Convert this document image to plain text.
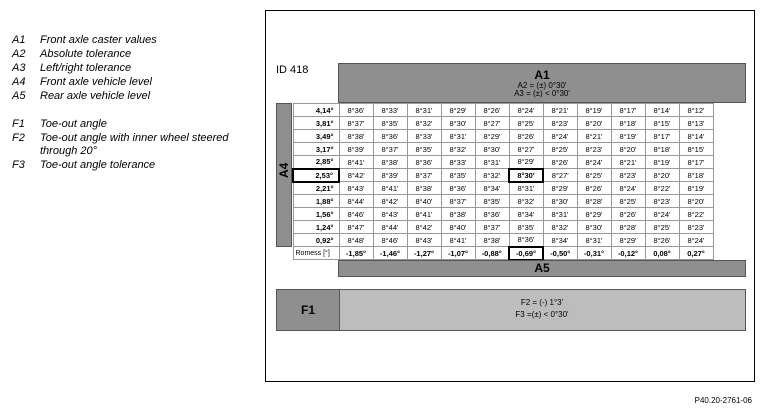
A1	Front axle caster values
A2	Absolute tolerance
A3	Left/right tolerance
A4	Front axle vehicle level
A5	Rear axle vehicle level
F1	Toe-out angle
F2	Toe-out angle with inner wheel steered through 20°
F3	Toe-out angle tolerance
ID 418	A1
A2 = (±) 0°30'
A3 = (±) < 0°30'
A4
4,14°	8°36'	8°33'	8°31'	8°29'	8°26'	8°24'	8°21'	8°19'	8°17'	8°14'	8°12'
3,81°	8°37'	8°35'	8°32'	8°30'	8°27'	8°25'	8°23'	8°20'	8°18'	8°15'	8°13'
3,49°	8°38'	8°36'	8°33'	8°31'	8°29'	8°26'	8°24'	8°21'	8°19'	8°17'	8°14'
3,17°	8°39'	8°37'	8°35'	8°32'	8°30'	8°27'	8°25'	8°23'	8°20'	8°18'	8°15'
2,85°	8°41'	8°38'	8°36'	8°33'	8°31'	8°29'	8°26'	8°24'	8°21'	8°19'	8°17'
2,53°	8°42'	8°39'	8°37'	8°35'	8°32'	8°30'	8°27'	8°25'	8°23'	8°20'	8°18'
2,21°	8°43'	8°41'	8°38'	8°36'	8°34'	8°31'	8°29'	8°26'	8°24'	8°22'	8°19'
1,88°	8°44'	8°42'	8°40'	8°37'	8°35'	8°32'	8°30'	8°28'	8°25'	8°23'	8°20'
1,56°	8°46'	8°43'	8°41'	8°38'	8°36'	8°34'	8°31'	8°29'	8°26'	8°24'	8°22'
1,24°	8°47'	8°44'	8°42'	8°40'	8°37'	8°35'	8°32'	8°30'	8°28'	8°25'	8°23'
0,92°	8°48'	8°46'	8°43'	8°41'	8°38'	8°36'	8°34'	8°31'	8°29'	8°26'	8°24'
Romess [°]	-1,85°	-1,46°	-1,27°	-1,07°	-0,88°	-0,69°	-0,50°	-0,31°	-0,12°	0,08°	0,27°
A5
F1
F2 = (-) 1°3'
F3 =(±) < 0°30'
P40.20-2761-06
